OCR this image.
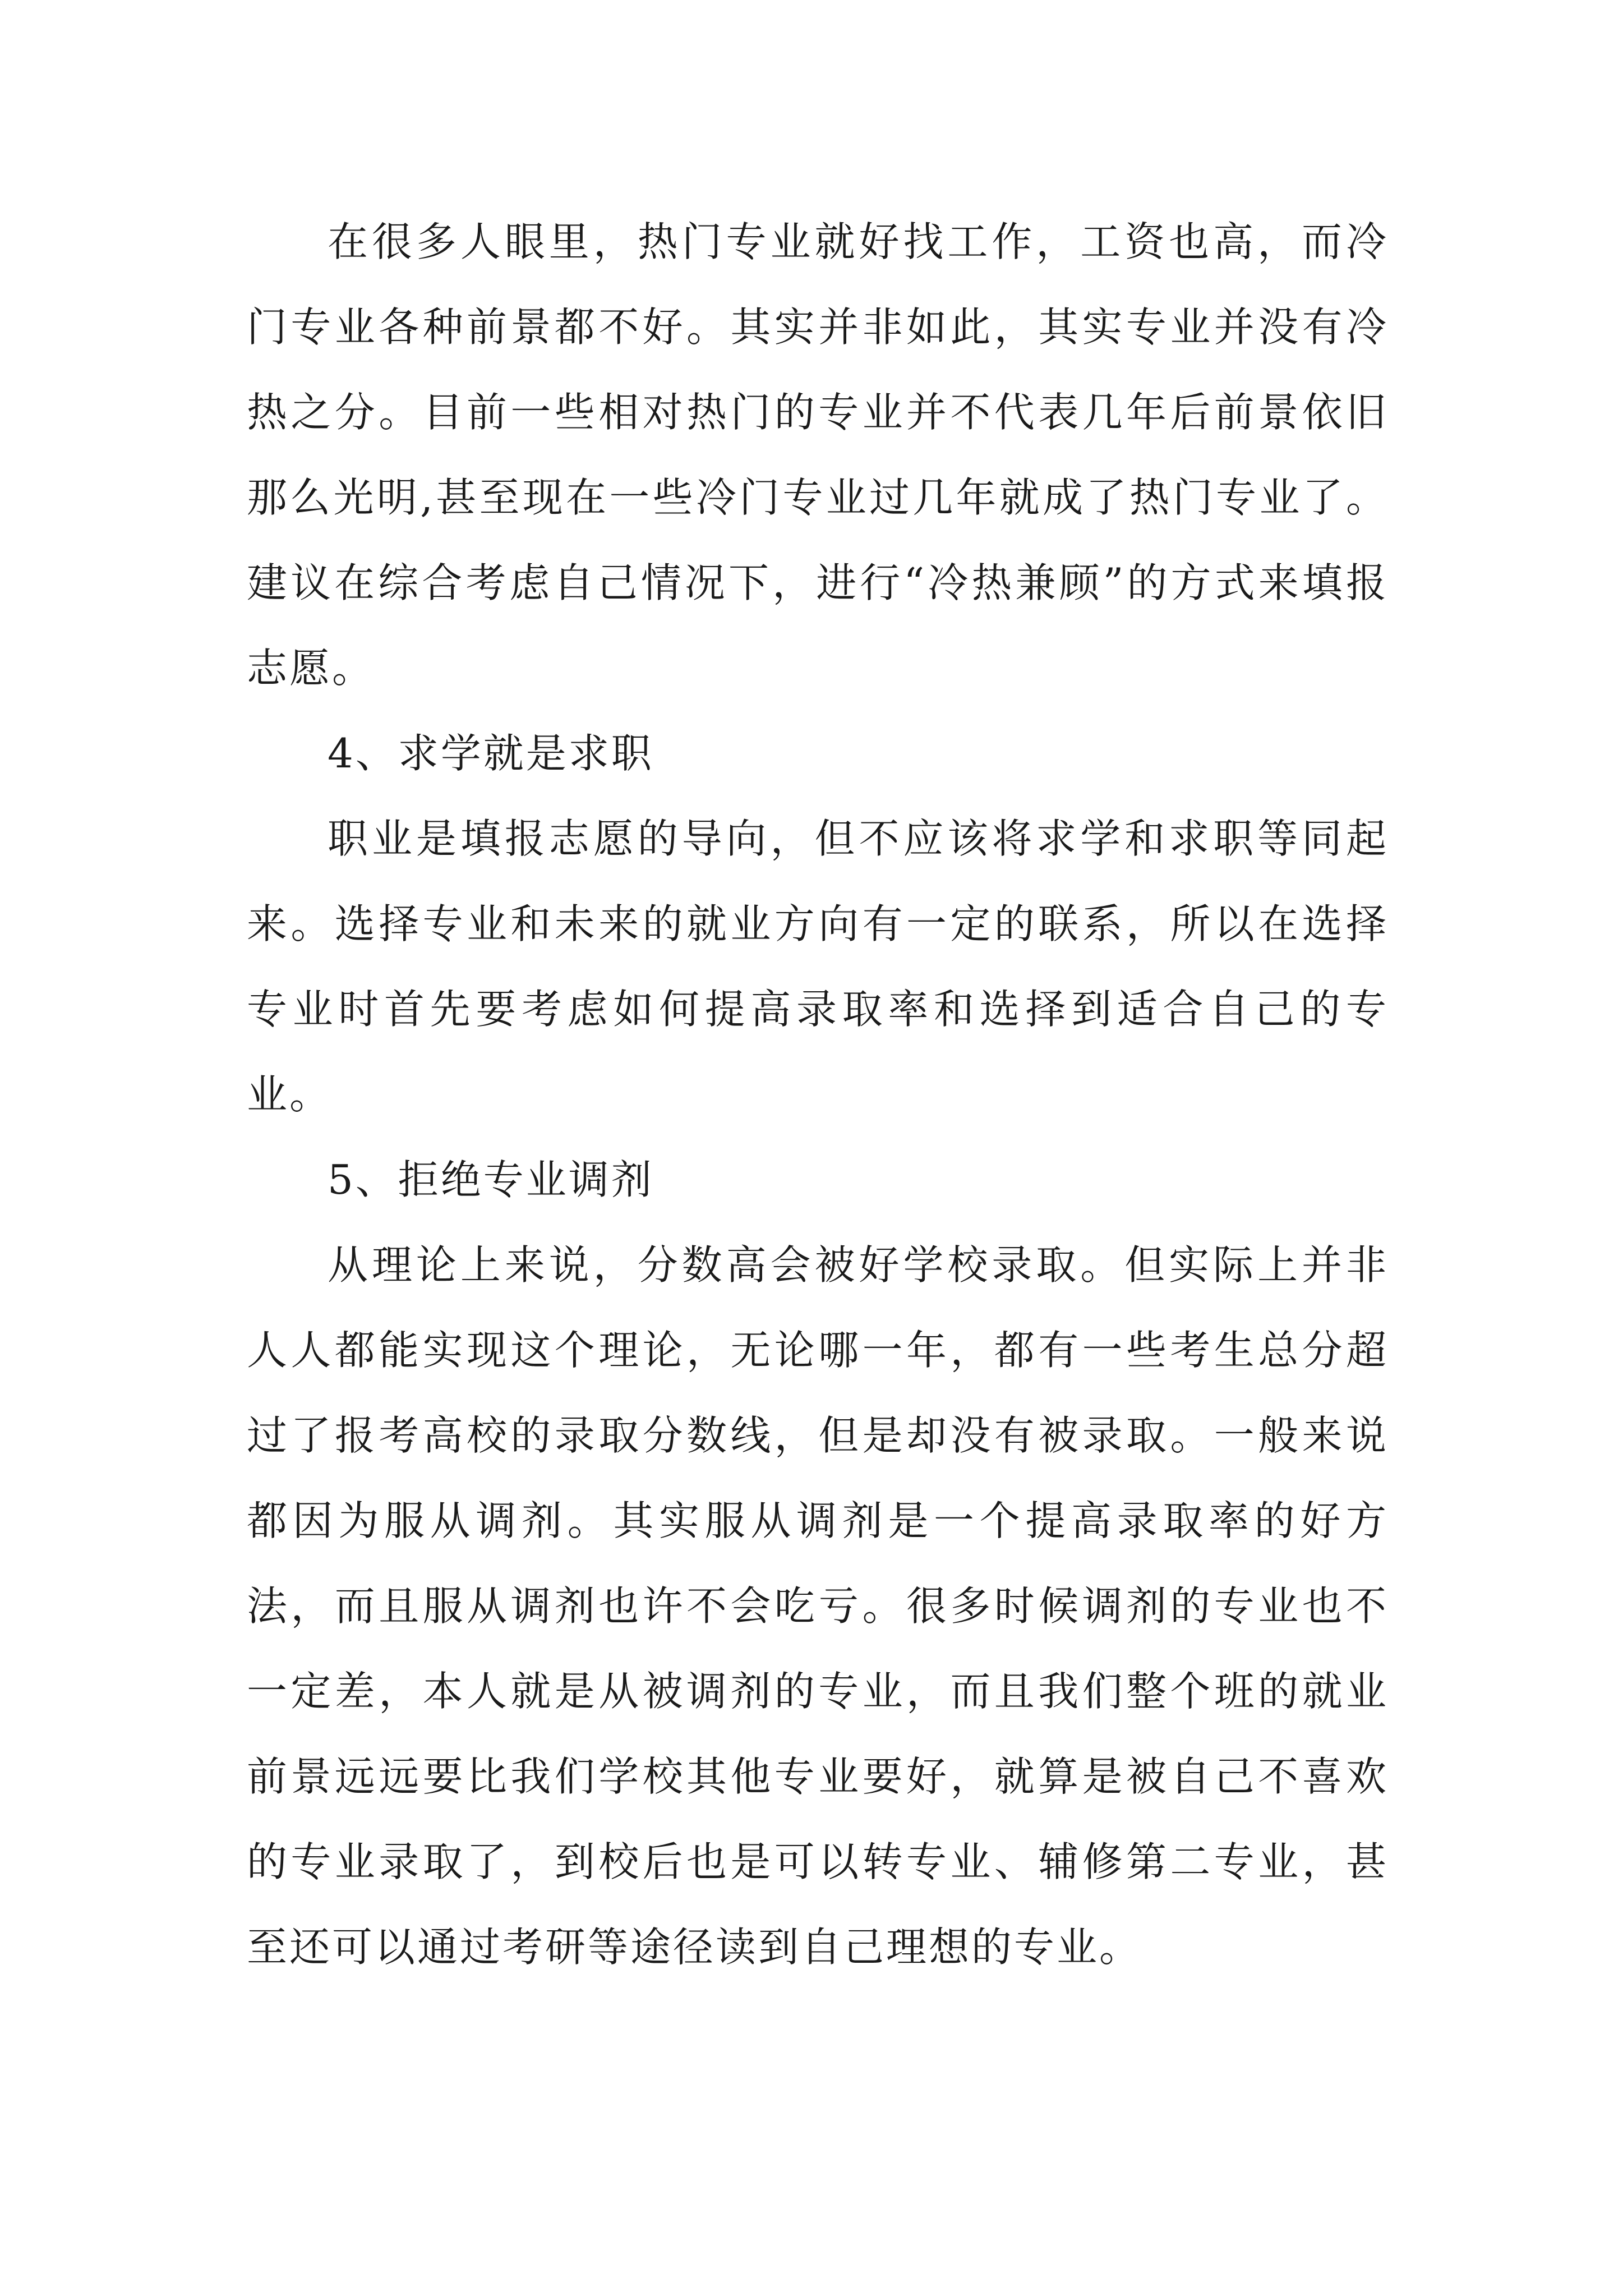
在很多人眼里，热门专业就好找工作，工资也高，而冷门专业各种前景都不好。其实并非如此，其实专业并没有冷热之分。目前一些相对热门的专业并不代表几年后前景依旧那么光明,甚至现在一些冷门专业过几年就成了热门专业了。建议在综合考虑自己情况下，进行“冷热兼顾”的方式来填报志愿。

4、求学就是求职

职业是填报志愿的导向，但不应该将求学和求职等同起来。选择专业和未来的就业方向有一定的联系，所以在选择专业时首先要考虑如何提高录取率和选择到适合自己的专业。

5、拒绝专业调剂

从理论上来说，分数高会被好学校录取。但实际上并非人人都能实现这个理论，无论哪一年，都有一些考生总分超过了报考高校的录取分数线，但是却没有被录取。一般来说都因为服从调剂。其实服从调剂是一个提高录取率的好方法，而且服从调剂也许不会吃亏。很多时候调剂的专业也不一定差，本人就是从被调剂的专业，而且我们整个班的就业前景远远要比我们学校其他专业要好，就算是被自己不喜欢的专业录取了，到校后也是可以转专业、辅修第二专业，甚至还可以通过考研等途径读到自己理想的专业。
